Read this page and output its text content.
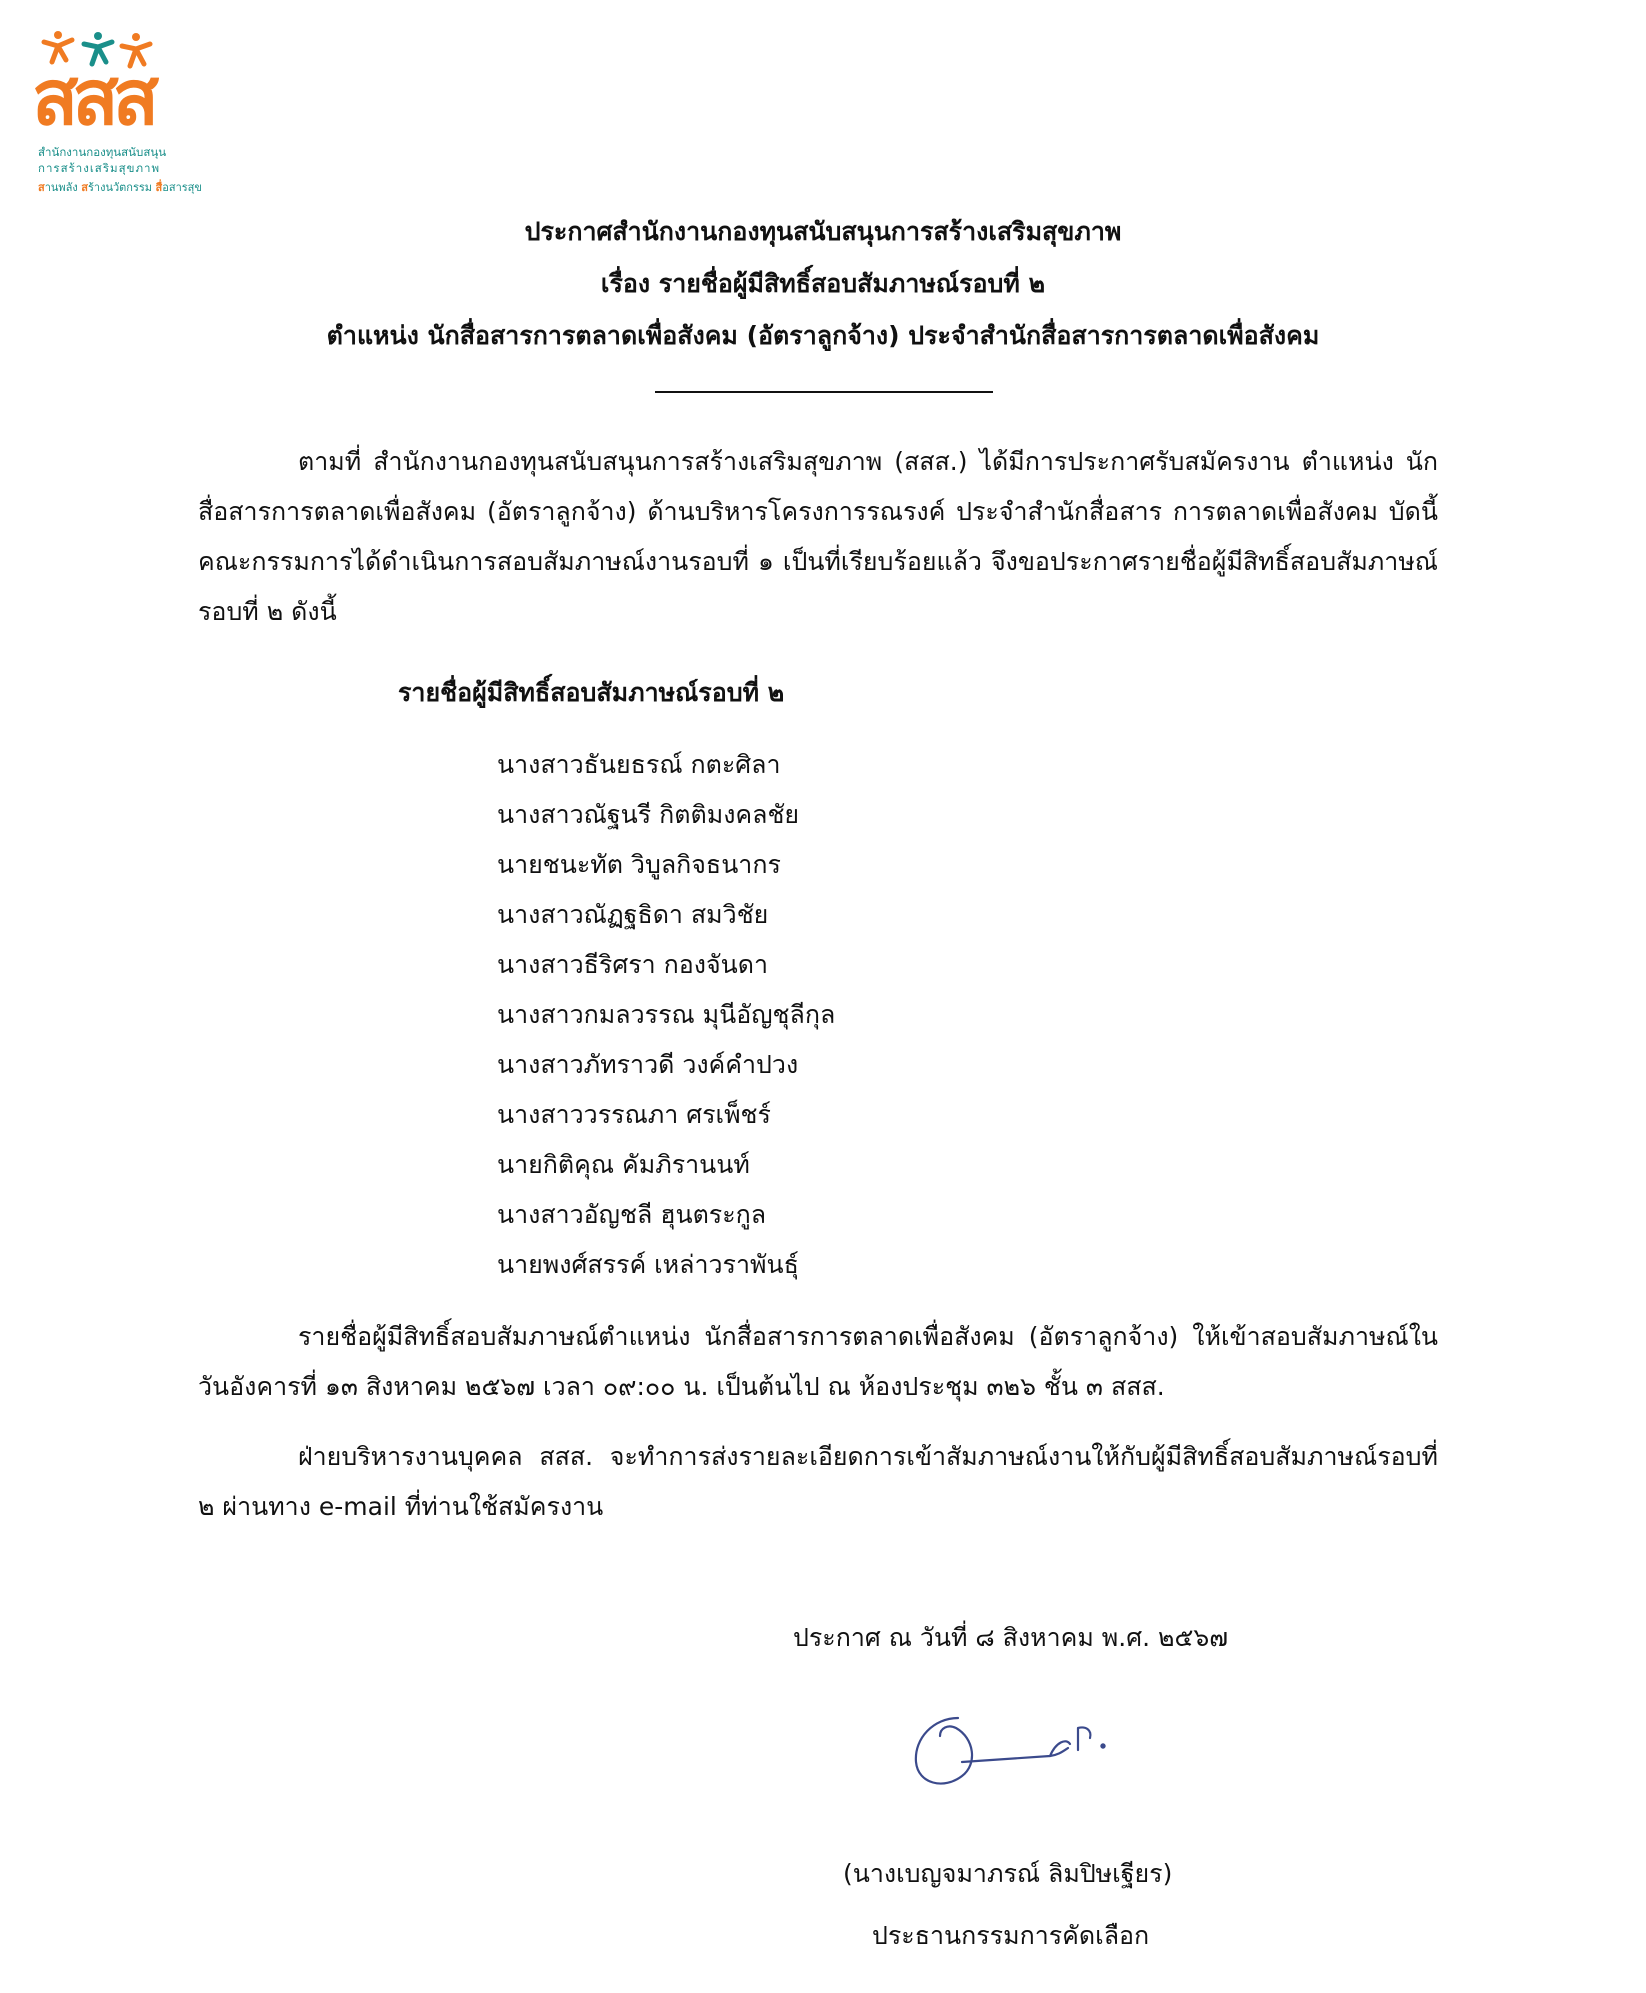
สสส
สำนักงานกองทุนสนับสนุน
การสร้างเสริมสุขภาพ
สานพลัง สร้างนวัตกรรม สื่อสารสุข
ประกาศสำนักงานกองทุนสนับสนุนการสร้างเสริมสุขภาพ
เรื่อง รายชื่อผู้มีสิทธิ์สอบสัมภาษณ์รอบที่ ๒
ตำแหน่ง นักสื่อสารการตลาดเพื่อสังคม (อัตราลูกจ้าง) ประจำสำนักสื่อสารการตลาดเพื่อสังคม
ตามที่ สำนักงานกองทุนสนับสนุนการสร้างเสริมสุขภาพ (สสส.) ได้มีการประกาศรับสมัครงาน ตำแหน่ง นักสื่อสารการตลาดเพื่อสังคม (อัตราลูกจ้าง) ด้านบริหารโครงการรณรงค์ ประจำสำนักสื่อสาร การตลาดเพื่อสังคม บัดนี้คณะกรรมการได้ดำเนินการสอบสัมภาษณ์งานรอบที่ ๑ เป็นที่เรียบร้อยแล้ว จึงขอประกาศรายชื่อผู้มีสิทธิ์สอบสัมภาษณ์รอบที่ ๒ ดังนี้
รายชื่อผู้มีสิทธิ์สอบสัมภาษณ์รอบที่ ๒
นางสาวธันยธรณ์ กตะศิลา
นางสาวณัฐนรี กิตติมงคลชัย
นายชนะทัต วิบูลกิจธนากร
นางสาวณัฏฐธิดา สมวิชัย
นางสาวธีริศรา กองจันดา
นางสาวกมลวรรณ มุนีอัญชุลีกุล
นางสาวภัทราวดี วงค์คำปวง
นางสาววรรณภา ศรเพ็ชร์
นายกิติคุณ คัมภิรานนท์
นางสาวอัญชลี ฮุนตระกูล
นายพงศ์สรรค์ เหล่าวราพันธุ์
รายชื่อผู้มีสิทธิ์สอบสัมภาษณ์ตำแหน่ง นักสื่อสารการตลาดเพื่อสังคม (อัตราลูกจ้าง) ให้เข้าสอบสัมภาษณ์ในวันอังคารที่ ๑๓ สิงหาคม ๒๕๖๗ เวลา ๐๙:๐๐ น. เป็นต้นไป ณ ห้องประชุม ๓๒๖ ชั้น ๓ สสส.
ฝ่ายบริหารงานบุคคล สสส. จะทำการส่งรายละเอียดการเข้าสัมภาษณ์งานให้กับผู้มีสิทธิ์สอบสัมภาษณ์รอบที่ ๒ ผ่านทาง e-mail ที่ท่านใช้สมัครงาน
ประกาศ ณ วันที่ ๘ สิงหาคม พ.ศ. ๒๕๖๗
(นางเบญจมาภรณ์ ลิมปิษเฐียร)
ประธานกรรมการคัดเลือก
